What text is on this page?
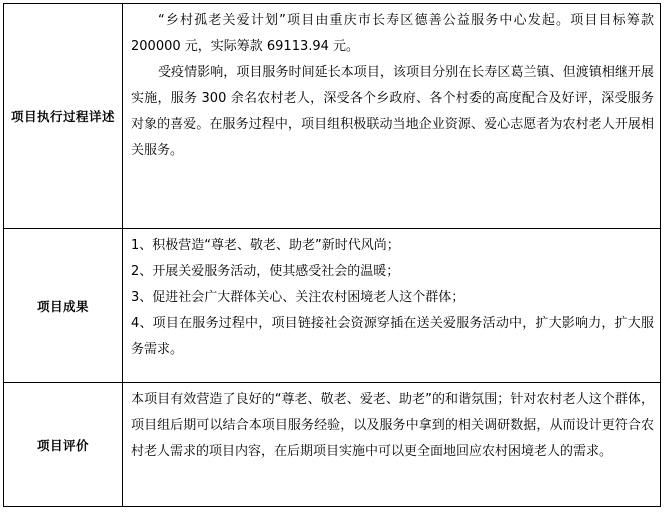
项目执行过程详述	“乡村孤老关爱计划”项目由重庆市长寿区德善公益服务中心发起。项目目标筹款 200000 元，实际筹款 69113.94 元。

受疫情影响，项目服务时间延长本项目，该项目分别在长寿区葛兰镇、但渡镇相继开展实施，服务 300 余名农村老人，深受各个乡政府、各个村委的高度配合及好评，深受服务对象的喜爱。在服务过程中，项目组积极联动当地企业资源、爱心志愿者为农村老人开展相关服务。

项目成果	1、积极营造“尊老、敬老、助老”新时代风尚；

2、开展关爱服务活动，使其感受社会的温暖；

3、促进社会广大群体关心、关注农村困境老人这个群体；

4、项目在服务过程中，项目链接社会资源穿插在送关爱服务活动中，扩大影响力，扩大服务需求。

项目评价	本项目有效营造了良好的“尊老、敬老、爱老、助老”的和谐氛围；针对农村老人这个群体，项目组后期可以结合本项目服务经验，以及服务中拿到的相关调研数据，从而设计更符合农村老人需求的项目内容，在后期项目实施中可以更全面地回应农村困境老人的需求。
